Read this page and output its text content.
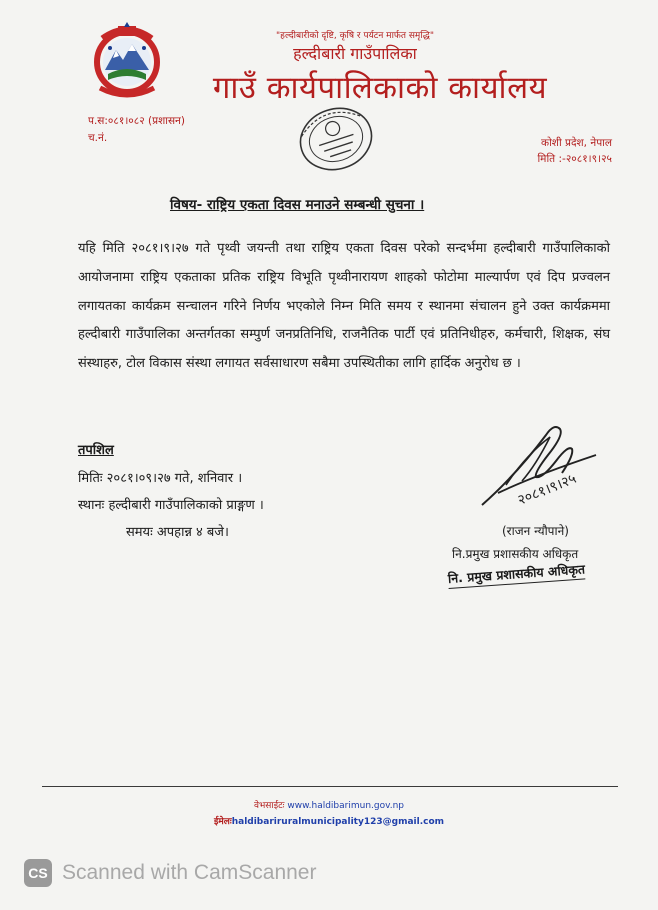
"हल्दीबारीको दृष्टि, कृषि र पर्यटन मार्फत समृद्धि"
हल्दीबारी गाउँपालिका
गाउँ कार्यपालिकाको कार्यालय
प.स:०८१।०८२ (प्रशासन)
च.नं.	कोशी प्रदेश, नेपाल
मिति :-२०८१।९।२५
विषय- राष्ट्रिय एकता दिवस मनाउने सम्बन्धी सुचना ।
यहि मिति २०८१।९।२७ गते पृथ्वी जयन्ती तथा राष्ट्रिय एकता दिवस परेको सन्दर्भमा हल्दीबारी गाउँपालिकाको आयोजनामा राष्ट्रिय एकताका प्रतिक राष्ट्रिय विभूति पृथ्वीनारायण शाहको फोटोमा माल्यार्पण एवं दिप प्रज्वलन लगायतका कार्यक्रम सन्चालन गरिने निर्णय भएकोले निम्न मिति समय र स्थानमा संचालन हुने उक्त कार्यक्रममा हल्दीबारी गाउँपालिका अन्तर्गतका सम्पुर्ण जनप्रतिनिधि, राजनैतिक पार्टी एवं प्रतिनिधीहरु, कर्मचारी, शिक्षक, संघ संस्थाहरु, टोल विकास संस्था लगायत सर्वसाधारण सबैमा उपस्थितीका लागि हार्दिक अनुरोध छ ।
तपशिल
मितिः २०८१।०९।२७ गते, शनिवार ।
स्थानः हल्दीबारी गाउँपालिकाको प्राङ्गण ।
समयः अपहान्न ४ बजे।
२०८१।९।२५
(राजन न्यौपाने)
नि.प्रमुख प्रशासकीय अधिकृत
नि. प्रमुख प्रशासकीय अधिकृत
वेभसाईटः www.haldibarimun.gov.np
ईमेलःhaldibariruralmunicipality123@gmail.com
CS Scanned with CamScanner
